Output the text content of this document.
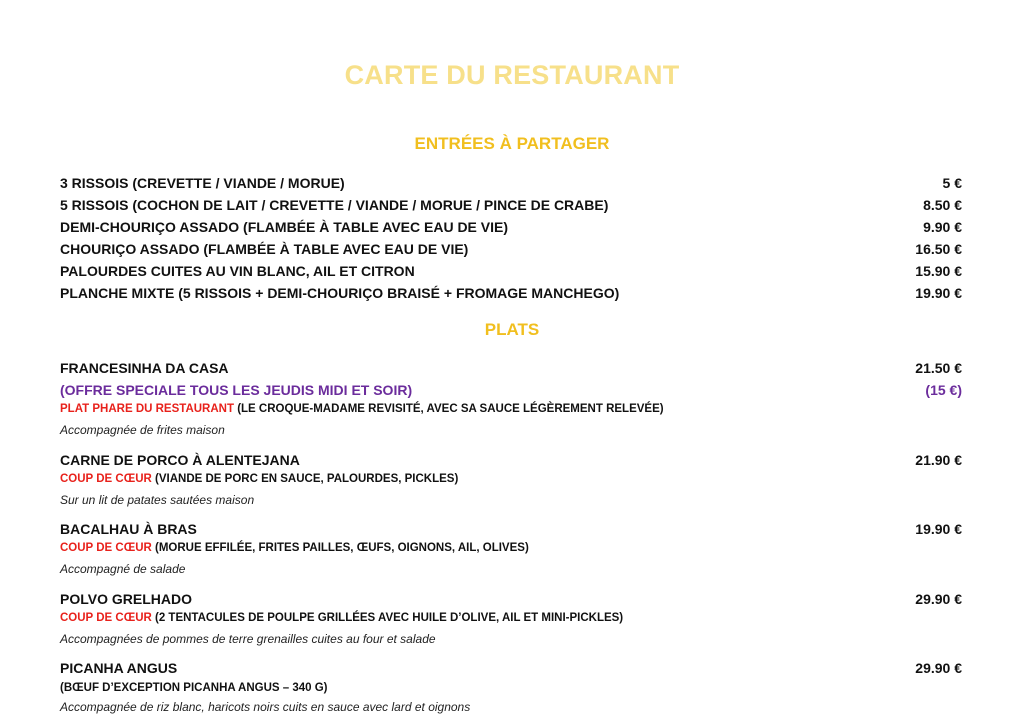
CARTE DU RESTAURANT
ENTRÉES À PARTAGER
3 RISSOIS (CREVETTE / VIANDE / MORUE)	5 €
5 RISSOIS (COCHON DE LAIT / CREVETTE / VIANDE / MORUE / PINCE DE CRABE)	8.50 €
DEMI-CHOURIÇO ASSADO (FLAMBÉE À TABLE AVEC EAU DE VIE)	9.90 €
CHOURIÇO ASSADO (FLAMBÉE À TABLE AVEC EAU DE VIE)	16.50 €
PALOURDES CUITES AU VIN BLANC, AIL ET CITRON	15.90 €
PLANCHE MIXTE (5 RISSOIS + DEMI-CHOURIÇO BRAISÉ + FROMAGE MANCHEGO)	19.90 €
PLATS
FRANCESINHA DA CASA	21.50 €
(OFFRE SPECIALE TOUS LES JEUDIS MIDI ET SOIR)	(15 €)
PLAT PHARE DU RESTAURANT (LE CROQUE-MADAME REVISITÉ, AVEC SA SAUCE LÉGÈREMENT RELEVÉE)
Accompagnée de frites maison
CARNE DE PORCO À ALENTEJANA	21.90 €
COUP DE CŒUR (VIANDE DE PORC EN SAUCE, PALOURDES, PICKLES)
Sur un lit de patates sautées maison
BACALHAU À BRAS	19.90 €
COUP DE CŒUR (MORUE EFFILÉE, FRITES PAILLES, ŒUFS, OIGNONS, AIL, OLIVES)
Accompagné de salade
POLVO GRELHADO	29.90 €
COUP DE CŒUR (2 TENTACULES DE POULPE GRILLÉES AVEC HUILE D’OLIVE, AIL ET MINI-PICKLES)
Accompagnées de pommes de terre grenailles cuites au four et salade
PICANHA ANGUS	29.90 €
(BŒUF D’EXCEPTION PICANHA ANGUS – 340 G)
Accompagnée de riz blanc, haricots noirs cuits en sauce avec lard et oignons
